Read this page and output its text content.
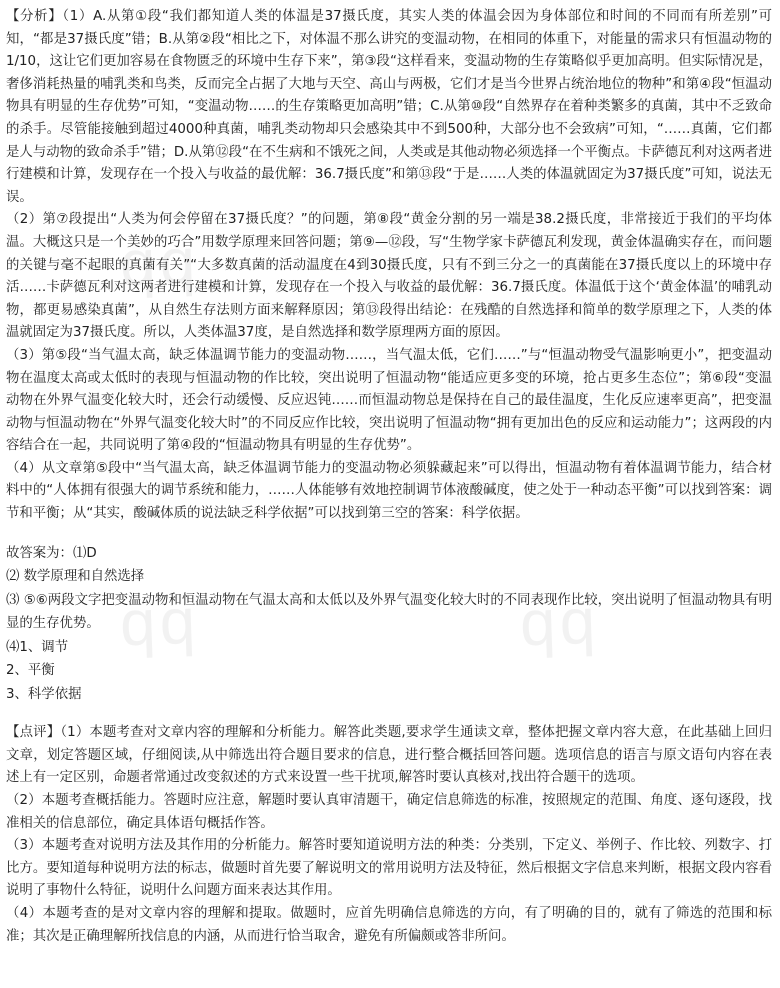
qq
qq
qq

【分析】（1）A.从第①段“我们都知道人类的体温是37摄氏度，其实人类的体温会因为身体部位和时间的不同而有所差别”可知，“都是37摄氏度”错；B.从第②段“相比之下，对体温不那么讲究的变温动物，在相同的体重下，对能量的需求只有恒温动物的1/10，这让它们更加容易在食物匮乏的环境中生存下来”，第③段“这样看来，变温动物的生存策略似乎更加高明。但实际情况是，奢侈消耗热量的哺乳类和鸟类，反而完全占据了大地与天空、高山与两极，它们才是当今世界占统治地位的物种”和第④段“恒温动物具有明显的生存优势”可知，“变温动物……的生存策略更加高明”错；C.从第⑩段“自然界存在着种类繁多的真菌，其中不乏致命的杀手。尽管能接触到超过4000种真菌，哺乳类动物却只会感染其中不到500种，大部分也不会致病”可知，“……真菌，它们都是人与动物的致命杀手”错；D.从第⑫段“在不生病和不饿死之间，人类或是其他动物必须选择一个平衡点。卡萨德瓦利对这两者进行建模和计算，发现存在一个投入与收益的最优解：36.7摄氏度”和第⑬段“于是……人类的体温就固定为37摄氏度”可知，说法无误。

（2）第⑦段提出“人类为何会停留在37摄氏度？”的问题，第⑧段“黄金分割的另一端是38.2摄氏度，非常接近于我们的平均体温。大概这只是一个美妙的巧合”用数学原理来回答问题；第⑨—⑫段，写“生物学家卡萨德瓦利发现，黄金体温确实存在，而问题的关键与毫不起眼的真菌有关”“大多数真菌的活动温度在4到30摄氏度，只有不到三分之一的真菌能在37摄氏度以上的环境中存活……卡萨德瓦利对这两者进行建模和计算，发现存在一个投入与收益的最优解：36.7摄氏度。体温低于这个‘黄金体温’的哺乳动物，都更易感染真菌”，从自然生存法则方面来解释原因；第⑬段得出结论：在残酷的自然选择和简单的数学原理之下，人类的体温就固定为37摄氏度。所以，人类体温37度，是自然选择和数学原理两方面的原因。

（3）第⑤段“当气温太高，缺乏体温调节能力的变温动物……，当气温太低，它们……”与“恒温动物受气温影响更小”，把变温动物在温度太高或太低时的表现与恒温动物的作比较，突出说明了恒温动物“能适应更多变的环境，抢占更多生态位”；第⑥段“变温动物在外界气温变化较大时，还会行动缓慢、反应迟钝……而恒温动物总是保持在自己的最佳温度，生化反应速率更高”，把变温动物与恒温动物在“外界气温变化较大时”的不同反应作比较，突出说明了恒温动物“拥有更加出色的反应和运动能力”；这两段的内容结合在一起，共同说明了第④段的“恒温动物具有明显的生存优势”。

（4）从文章第⑤段中“当气温太高，缺乏体温调节能力的变温动物必须躲藏起来”可以得出，恒温动物有着体温调节能力，结合材料中的“人体拥有很强大的调节系统和能力，……人体能够有效地控制调节体液酸碱度，使之处于一种动态平衡”可以找到答案：调节和平衡；从“其实，酸碱体质的说法缺乏科学依据”可以找到第三空的答案：科学依据。

故答案为：⑴D

⑵ 数学原理和自然选择

⑶ ⑤⑥两段文字把变温动物和恒温动物在气温太高和太低以及外界气温变化较大时的不同表现作比较，突出说明了恒温动物具有明显的生存优势。

⑷1、调节

2、平衡

3、科学依据

【点评】（1）本题考查对文章内容的理解和分析能力。解答此类题,要求学生通读文章，整体把握文章内容大意，在此基础上回归文章，划定答题区域，仔细阅读,从中筛选出符合题目要求的信息，进行整合概括回答问题。选项信息的语言与原文语句内容在表述上有一定区别，命题者常通过改变叙述的方式来设置一些干扰项,解答时要认真核对,找出符合题干的选项。

（2）本题考查概括能力。答题时应注意，解题时要认真审清题干，确定信息筛选的标准，按照规定的范围、角度、逐句逐段，找准相关的信息部位，确定具体语句概括作答。

（3）本题考查对说明方法及其作用的分析能力。解答时要知道说明方法的种类：分类别，下定义、举例子、作比较、列数字、打比方。要知道每种说明方法的标志，做题时首先要了解说明文的常用说明方法及特征，然后根据文字信息来判断，根据文段内容看说明了事物什么特征，说明什么问题方面来表达其作用。

（4）本题考查的是对文章内容的理解和提取。做题时，应首先明确信息筛选的方向，有了明确的目的，就有了筛选的范围和标准；其次是正确理解所找信息的内涵，从而进行恰当取舍，避免有所偏颇或答非所问。
